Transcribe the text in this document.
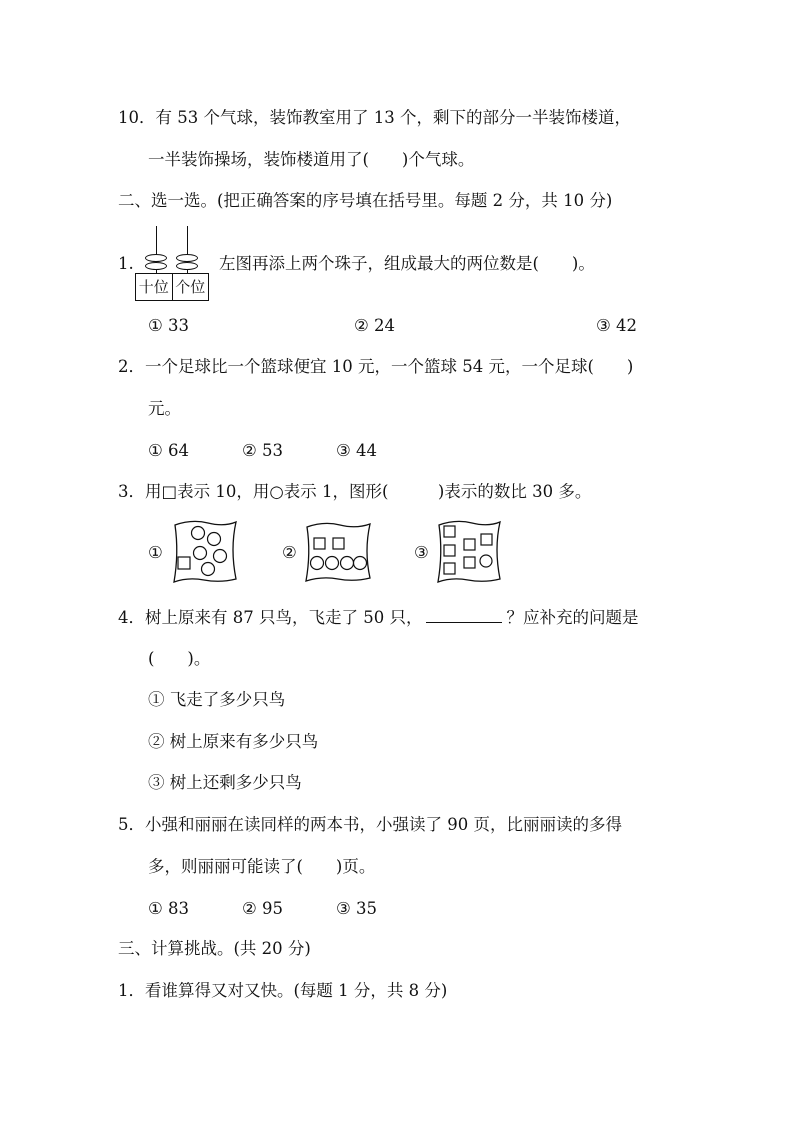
10．有 53 个气球，装饰教室用了 13 个，剩下的部分一半装饰楼道，
一半装饰操场，装饰楼道用了(　　)个气球。
二、选一选。(把正确答案的序号填在括号里。每题 2 分，共 10 分)
1.
十位 个位
左图再添上两个珠子，组成最大的两位数是(　　)。
① 33	② 24	③ 42
2．一个足球比一个篮球便宜 10 元，一个篮球 54 元，一个足球(　　)
元。
① 64	② 53	③ 44
3．用□表示 10，用○表示 1，图形(　　　)表示的数比 30 多。
①	②	③
4．树上原来有 87 只鸟，飞走了 50 只，	？应补充的问题是
(　　)。
① 飞走了多少只鸟
② 树上原来有多少只鸟
③ 树上还剩多少只鸟
5．小强和丽丽在读同样的两本书，小强读了 90 页，比丽丽读的多得
多，则丽丽可能读了(　　)页。
① 83	② 95	③ 35
三、计算挑战。(共 20 分)
1．看谁算得又对又快。(每题 1 分，共 8 分)
